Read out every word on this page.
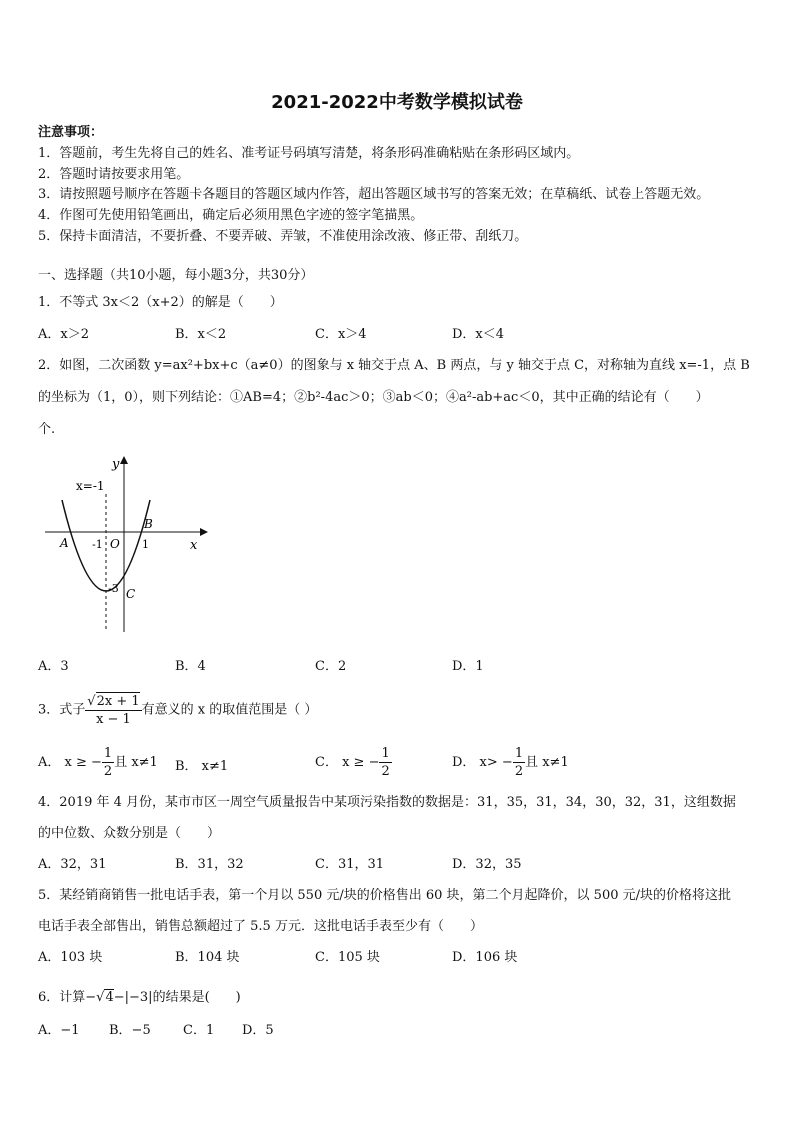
2021-2022中考数学模拟试卷
注意事项：
1．答题前，考生先将自己的姓名、准考证号码填写清楚，将条形码准确粘贴在条形码区域内。
2．答题时请按要求用笔。
3．请按照题号顺序在答题卡各题目的答题区域内作答，超出答题区域书写的答案无效；在草稿纸、试卷上答题无效。
4．作图可先使用铅笔画出，确定后必须用黑色字迹的签字笔描黑。
5．保持卡面清洁，不要折叠、不要弄破、弄皱，不准使用涂改液、修正带、刮纸刀。
一、选择题（共10小题，每小题3分，共30分）
1．不等式 3x＜2（x+2）的解是（　　）
A．x＞2	B．x＜2	C．x＞4	D．x＜4
2．如图，二次函数 y=ax²+bx+c（a≠0）的图象与 x 轴交于点 A、B 两点，与 y 轴交于点 C，对称轴为直线 x=-1，点 B
的坐标为（1，0），则下列结论：①AB=4；②b²-4ac＞0；③ab＜0；④a²-ab+ac＜0，其中正确的结论有（　　）
个.
x
y
x=-1
A
B
C
O
-1	1
-3
A．3	B．4	C．2	D．1
3．式子 $\frac{√2x + 1}{x - 1}$ 有意义的 x 的取值范围是（ ）
A． x ≥ − $\frac{1}{2}$ 且 x≠1 B． x≠1	C． x ≥ − $\frac{1}{2}$	D． $x> - \frac{1}{2}$ 且 x≠1
4．2019 年 4 月份，某市市区一周空气质量报告中某项污染指数的数据是：31，35，31，34，30，32，31，这组数据
的中位数、众数分别是（　　）
A．32，31	B．31，32	C．31，31	D．32，35
5．某经销商销售一批电话手表，第一个月以 550 元/块的价格售出 60 块，第二个月起降价，以 500 元/块的价格将这批
电话手表全部售出，销售总额超过了 5.5 万元．这批电话手表至少有（　　）
A．103 块	B．104 块	C．105 块	D．106 块
6．计算−√4−|−3|的结果是(　　)
A．−1 B．−5 C．1 D．5
